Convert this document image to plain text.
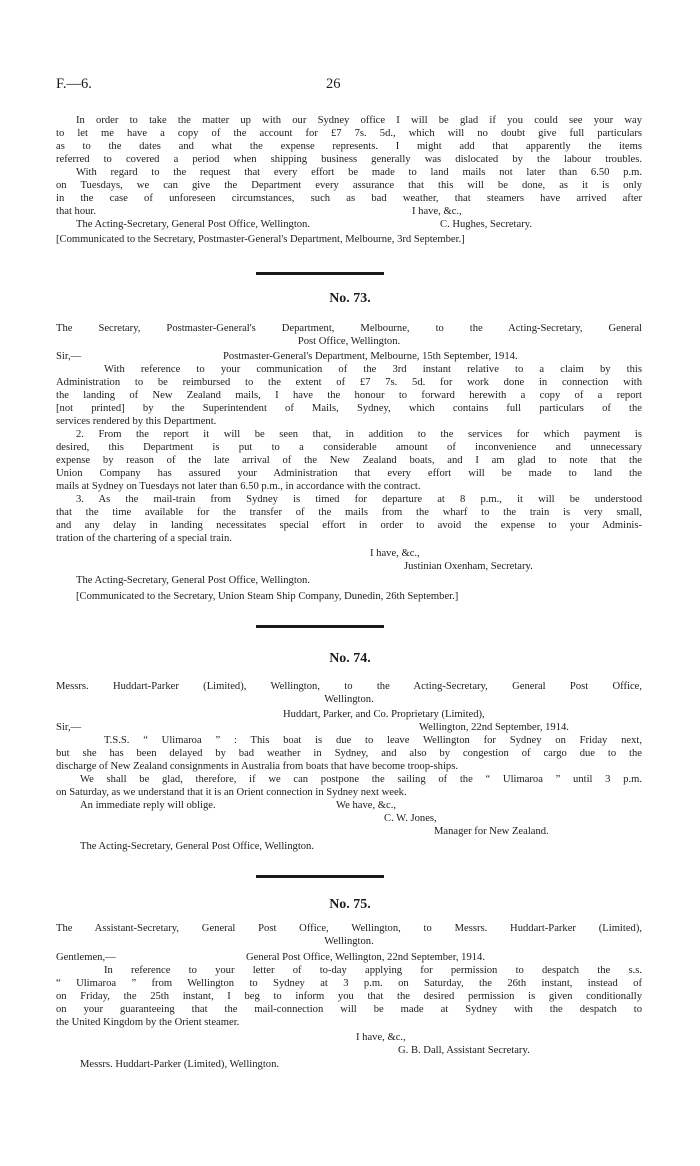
F.—6.	26
In order to take the matter up with our Sydney office I will be glad if you could see your way
to let me have a copy of the account for £7 7s. 5d., which will no doubt give full particulars
as to the dates and what the expense represents. I might add that apparently the items
referred to covered a period when shipping business generally was dislocated by the labour troubles.
With regard to the request that every effort be made to land mails not later than 6.50 p.m.
on Tuesdays, we can give the Department every assurance that this will be done, as it is only
in the case of unforeseen circumstances, such as bad weather, that steamers have arrived after
that hour.	I have, &c.,
The Acting-Secretary, General Post Office, Wellington.	C. Hughes, Secretary.
[Communicated to the Secretary, Postmaster-General's Department, Melbourne, 3rd September.]
No. 73.
The Secretary, Postmaster-General's Department, Melbourne, to the Acting-Secretary, General
Post Office, Wellington.
Sir,—	Postmaster-General's Department, Melbourne, 15th September, 1914.
With reference to your communication of the 3rd instant relative to a claim by this
Administration to be reimbursed to the extent of £7 7s. 5d. for work done in connection with
the landing of New Zealand mails, I have the honour to forward herewith a copy of a report
[not printed] by the Superintendent of Mails, Sydney, which contains full particulars of the
services rendered by this Department.
2. From the report it will be seen that, in addition to the services for which payment is
desired, this Department is put to a considerable amount of inconvenience and unnecessary
expense by reason of the late arrival of the New Zealand boats, and I am glad to note that the
Union Company has assured your Administration that every effort will be made to land the
mails at Sydney on Tuesdays not later than 6.50 p.m., in accordance with the contract.
3. As the mail-train from Sydney is timed for departure at 8 p.m., it will be understood
that the time available for the transfer of the mails from the wharf to the train is very small,
and any delay in landing necessitates special effort in order to avoid the expense to your Adminis-
tration of the chartering of a special train.
I have, &c.,
Justinian Oxenham, Secretary.
The Acting-Secretary, General Post Office, Wellington.
[Communicated to the Secretary, Union Steam Ship Company, Dunedin, 26th September.]
No. 74.
Messrs. Huddart-Parker (Limited), Wellington, to the Acting-Secretary, General Post Office,
Wellington.
Huddart, Parker, and Co. Proprietary (Limited),
Sir,—	Wellington, 22nd September, 1914.
T.S.S. “ Ulimaroa ” : This boat is due to leave Wellington for Sydney on Friday next,
but she has been delayed by bad weather in Sydney, and also by congestion of cargo due to the
discharge of New Zealand consignments in Australia from boats that have become troop-ships.
We shall be glad, therefore, if we can postpone the sailing of the “ Ulimaroa ” until 3 p.m.
on Saturday, as we understand that it is an Orient connection in Sydney next week.
An immediate reply will oblige.	We have, &c.,
C. W. Jones,
Manager for New Zealand.
The Acting-Secretary, General Post Office, Wellington.
No. 75.
The Assistant-Secretary, General Post Office, Wellington, to Messrs. Huddart-Parker (Limited),
Wellington.
Gentlemen,—	General Post Office, Wellington, 22nd September, 1914.
In reference to your letter of to-day applying for permission to despatch the s.s.
“ Ulimaroa ” from Wellington to Sydney at 3 p.m. on Saturday, the 26th instant, instead of
on Friday, the 25th instant, I beg to inform you that the desired permission is given conditionally
on your guaranteeing that the mail-connection will be made at Sydney with the despatch to
the United Kingdom by the Orient steamer.
I have, &c.,
G. B. Dall, Assistant Secretary.
Messrs. Huddart-Parker (Limited), Wellington.
